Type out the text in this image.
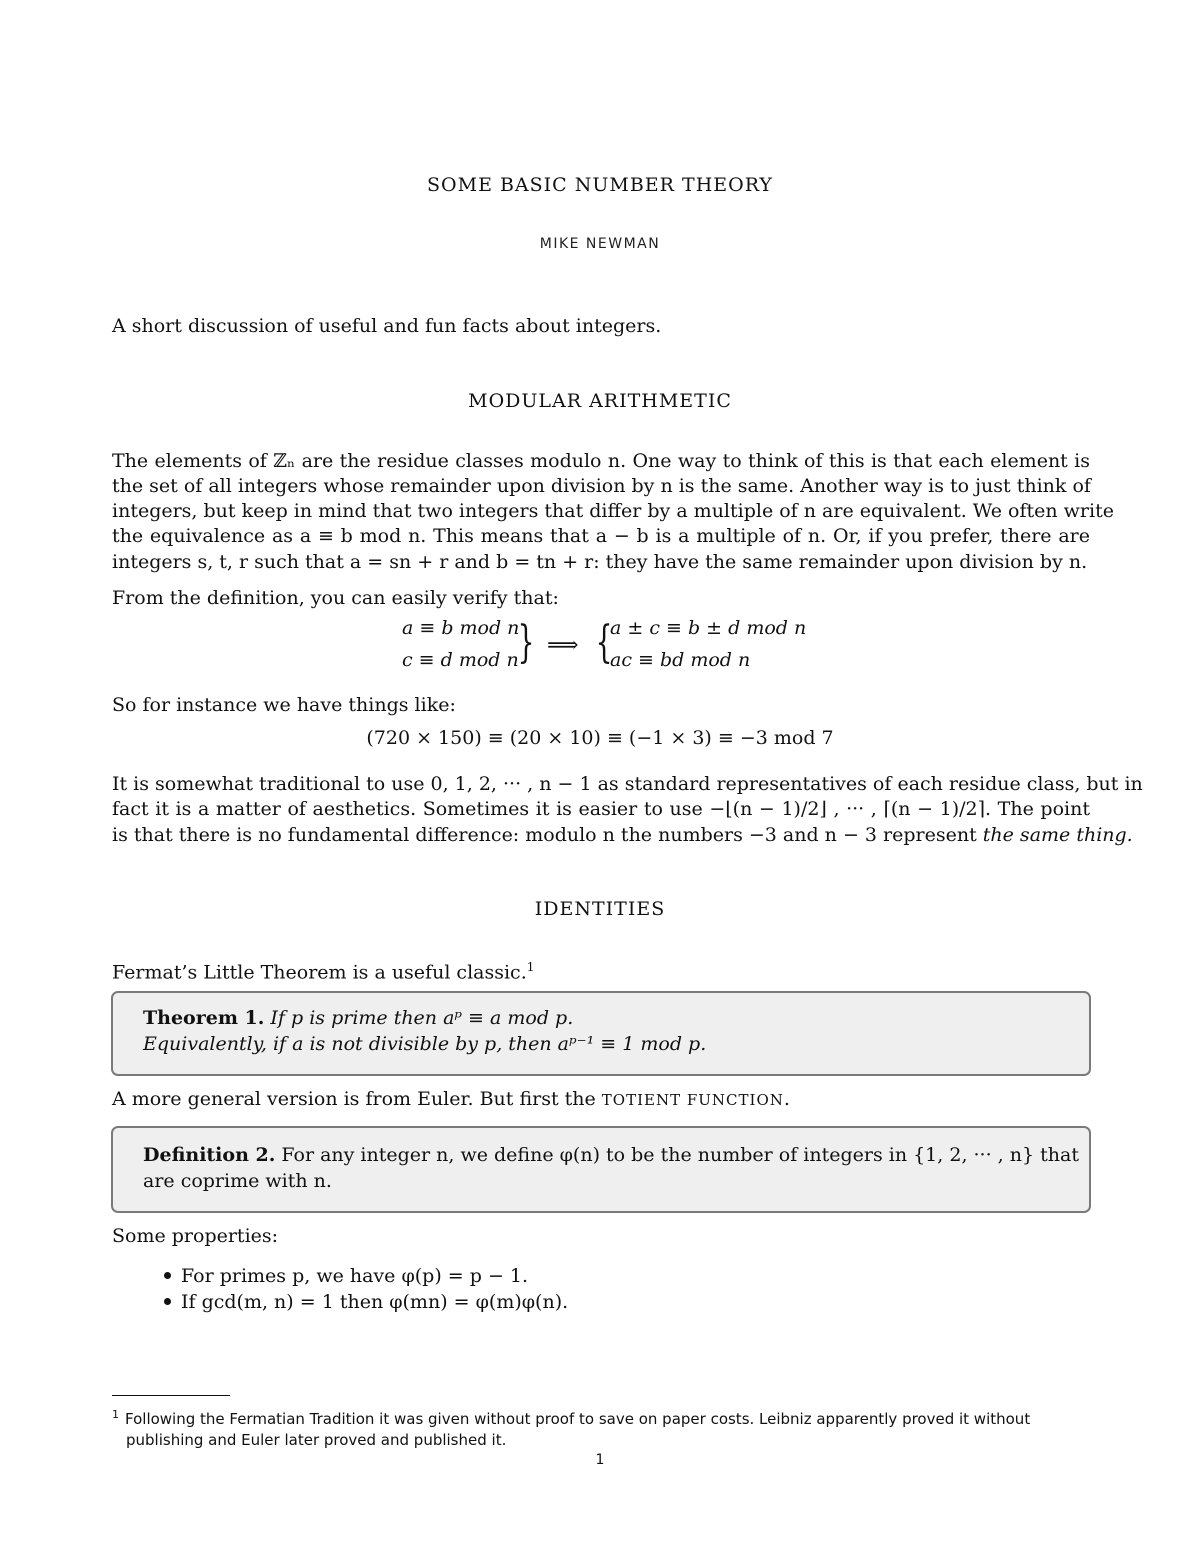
SOME BASIC NUMBER THEORY
MIKE NEWMAN
A short discussion of useful and fun facts about integers.
MODULAR ARITHMETIC
The elements of ℤₙ are the residue classes modulo n. One way to think of this is that each element is
the set of all integers whose remainder upon division by n is the same. Another way is to just think of
integers, but keep in mind that two integers that differ by a multiple of n are equivalent. We often write
the equivalence as a ≡ b mod n. This means that a − b is a multiple of n. Or, if you prefer, there are
integers s, t, r such that a = sn + r and b = tn + r: they have the same remainder upon division by n.
From the definition, you can easily verify that:
a ≡ b mod n
c ≡ d mod n
} ⟹ {
a ± c ≡ b ± d mod n
ac ≡ bd mod n
So for instance we have things like:
(720 × 150) ≡ (20 × 10) ≡ (−1 × 3) ≡ −3 mod 7
It is somewhat traditional to use 0, 1, 2, ··· , n − 1 as standard representatives of each residue class, but in
fact it is a matter of aesthetics. Sometimes it is easier to use −⌊(n − 1)/2⌋ , ··· , ⌈(n − 1)/2⌉. The point
is that there is no fundamental difference: modulo n the numbers −3 and n − 3 represent the same thing.
IDENTITIES
Fermat’s Little Theorem is a useful classic.$^1$
Theorem 1. If p is prime then aᵖ ≡ a mod p.
Equivalently, if a is not divisible by p, then aᵖ⁻¹ ≡ 1 mod p.
A more general version is from Euler. But first the TOTIENT FUNCTION.
Definition 2. For any integer n, we define φ(n) to be the number of integers in {1, 2, ··· , n} that
are coprime with n.
Some properties:
For primes p, we have φ(p) = p − 1.
If gcd(m, n) = 1 then φ(mn) = φ(m)φ(n).
$^1$ Following the Fermatian Tradition it was given without proof to save on paper costs. Leibniz apparently proved it without
publishing and Euler later proved and published it.
1
